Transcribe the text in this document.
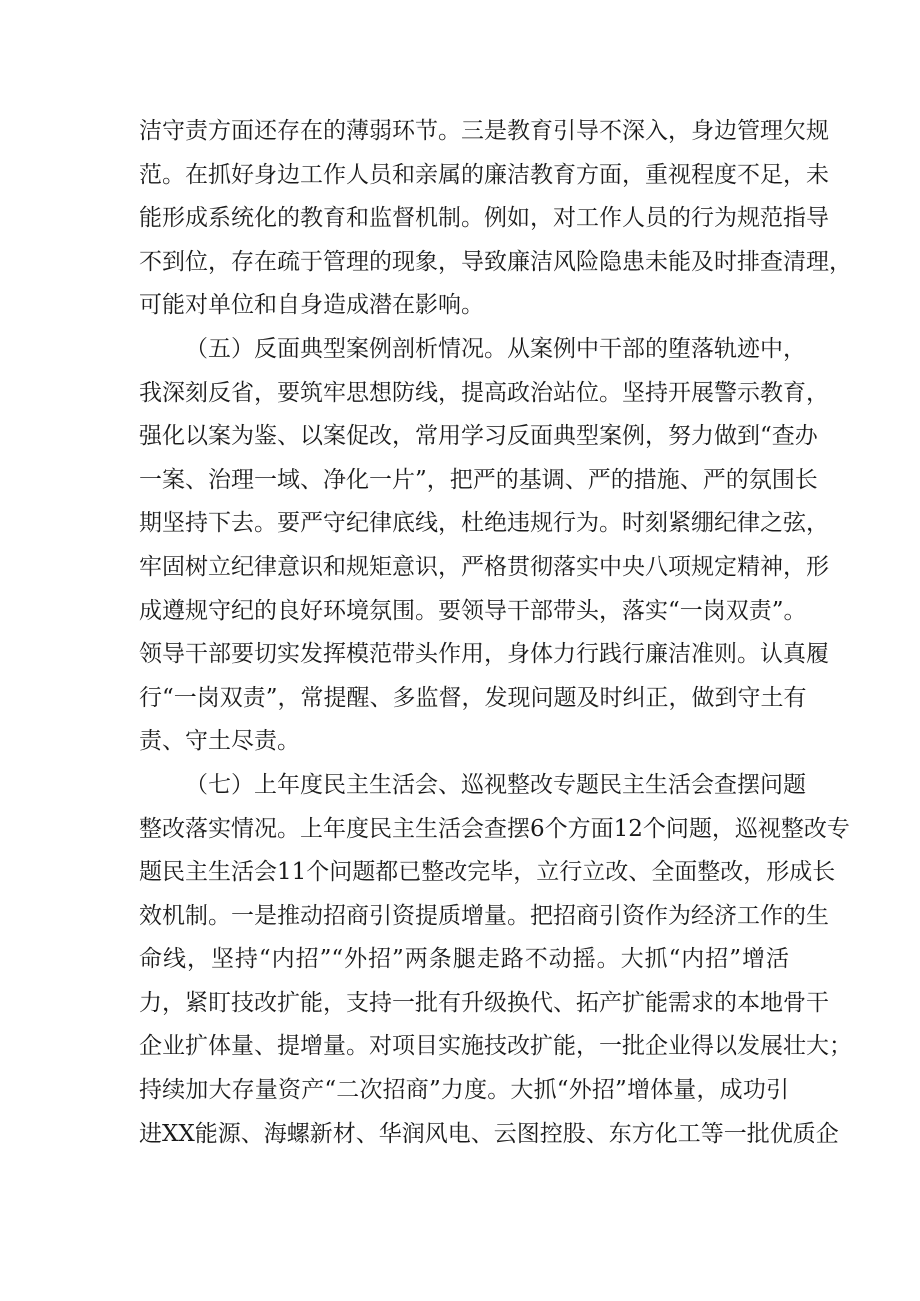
洁守责方面还存在的薄弱环节。三是教育引导不深入，身边管理欠规
范。在抓好身边工作人员和亲属的廉洁教育方面，重视程度不足，未
能形成系统化的教育和监督机制。例如，对工作人员的行为规范指导
不到位，存在疏于管理的现象，导致廉洁风险隐患未能及时排查清理，
可能对单位和自身造成潜在影响。
（五）反面典型案例剖析情况。从案例中干部的堕落轨迹中，
我深刻反省，要筑牢思想防线，提高政治站位。坚持开展警示教育，
强化以案为鉴、以案促改，常用学习反面典型案例，努力做到“查办
一案、治理一域、净化一片”，把严的基调、严的措施、严的氛围长
期坚持下去。要严守纪律底线，杜绝违规行为。时刻紧绷纪律之弦，
牢固树立纪律意识和规矩意识，严格贯彻落实中央八项规定精神，形
成遵规守纪的良好环境氛围。要领导干部带头，落实“一岗双责”。
领导干部要切实发挥模范带头作用，身体力行践行廉洁准则。认真履
行“一岗双责”，常提醒、多监督，发现问题及时纠正，做到守土有
责、守土尽责。
（七）上年度民主生活会、巡视整改专题民主生活会查摆问题
整改落实情况。上年度民主生活会查摆6个方面12个问题，巡视整改专
题民主生活会11个问题都已整改完毕，立行立改、全面整改，形成长
效机制。一是推动招商引资提质增量。把招商引资作为经济工作的生
命线，坚持“内招”“外招”两条腿走路不动摇。大抓“内招”增活
力，紧盯技改扩能，支持一批有升级换代、拓产扩能需求的本地骨干
企业扩体量、提增量。对项目实施技改扩能，一批企业得以发展壮大；
持续加大存量资产“二次招商”力度。大抓“外招”增体量，成功引
进XX能源、海螺新材、华润风电、云图控股、东方化工等一批优质企
